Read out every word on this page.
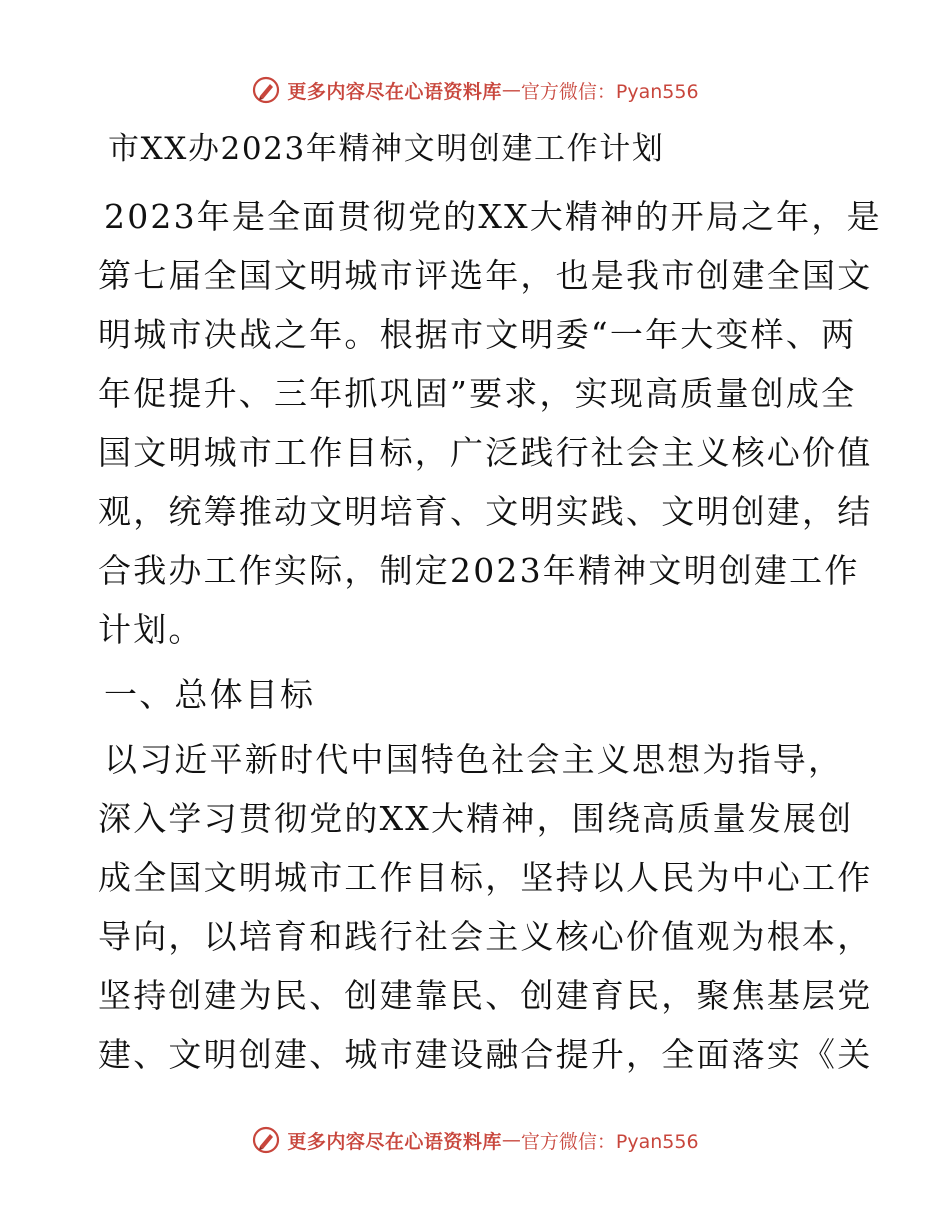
更多内容尽在心语资料库 — 官方微信：Pyan556
市XX办2023年精神文明创建工作计划
2023年是全面贯彻党的XX大精神的开局之年，是
第七届全国文明城市评选年，也是我市创建全国文
明城市决战之年。根据市文明委“一年大变样、两
年促提升、三年抓巩固”要求，实现高质量创成全
国文明城市工作目标，广泛践行社会主义核心价值
观，统筹推动文明培育、文明实践、文明创建，结
合我办工作实际，制定2023年精神文明创建工作
计划。
一、总体目标
以习近平新时代中国特色社会主义思想为指导，
深入学习贯彻党的XX大精神，围绕高质量发展创
成全国文明城市工作目标，坚持以人民为中心工作
导向，以培育和践行社会主义核心价值观为根本，
坚持创建为民、创建靠民、创建育民，聚焦基层党
建、文明创建、城市建设融合提升，全面落实《关
更多内容尽在心语资料库 — 官方微信：Pyan556
